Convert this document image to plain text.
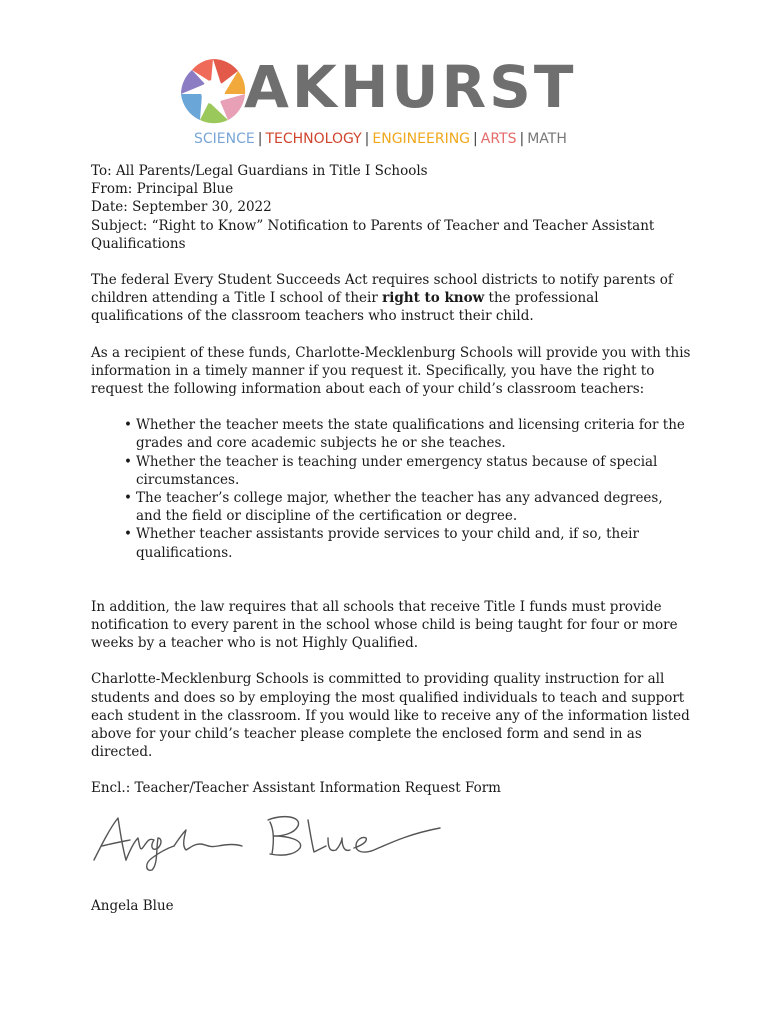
AKHURST
SCIENCE | TECHNOLOGY | ENGINEERING | ARTS | MATH

To: All Parents/Legal Guardians in Title I Schools

From: Principal Blue

Date: September 30, 2022

Subject: “Right to Know” Notification to Parents of Teacher and Teacher Assistant

Qualifications

The federal Every Student Succeeds Act requires school districts to notify parents of children attending a Title I school of their right to know the professional qualifications of the classroom teachers who instruct their child.

As a recipient of these funds, Charlotte-Mecklenburg Schools will provide you with this information in a timely manner if you request it. Specifically, you have the right to request the following information about each of your child’s classroom teachers:

• Whether the teacher meets the state qualifications and licensing criteria for the grades and core academic subjects he or she teaches.
• Whether the teacher is teaching under emergency status because of special circumstances.
• The teacher’s college major, whether the teacher has any advanced degrees, and the field or discipline of the certification or degree.
• Whether teacher assistants provide services to your child and, if so, their qualifications.

In addition, the law requires that all schools that receive Title I funds must provide notification to every parent in the school whose child is being taught for four or more weeks by a teacher who is not Highly Qualified.

Charlotte-Mecklenburg Schools is committed to providing quality instruction for all students and does so by employing the most qualified individuals to teach and support each student in the classroom. If you would like to receive any of the information listed above for your child’s teacher please complete the enclosed form and send in as directed.

Encl.: Teacher/Teacher Assistant Information Request Form

Angela Blue
